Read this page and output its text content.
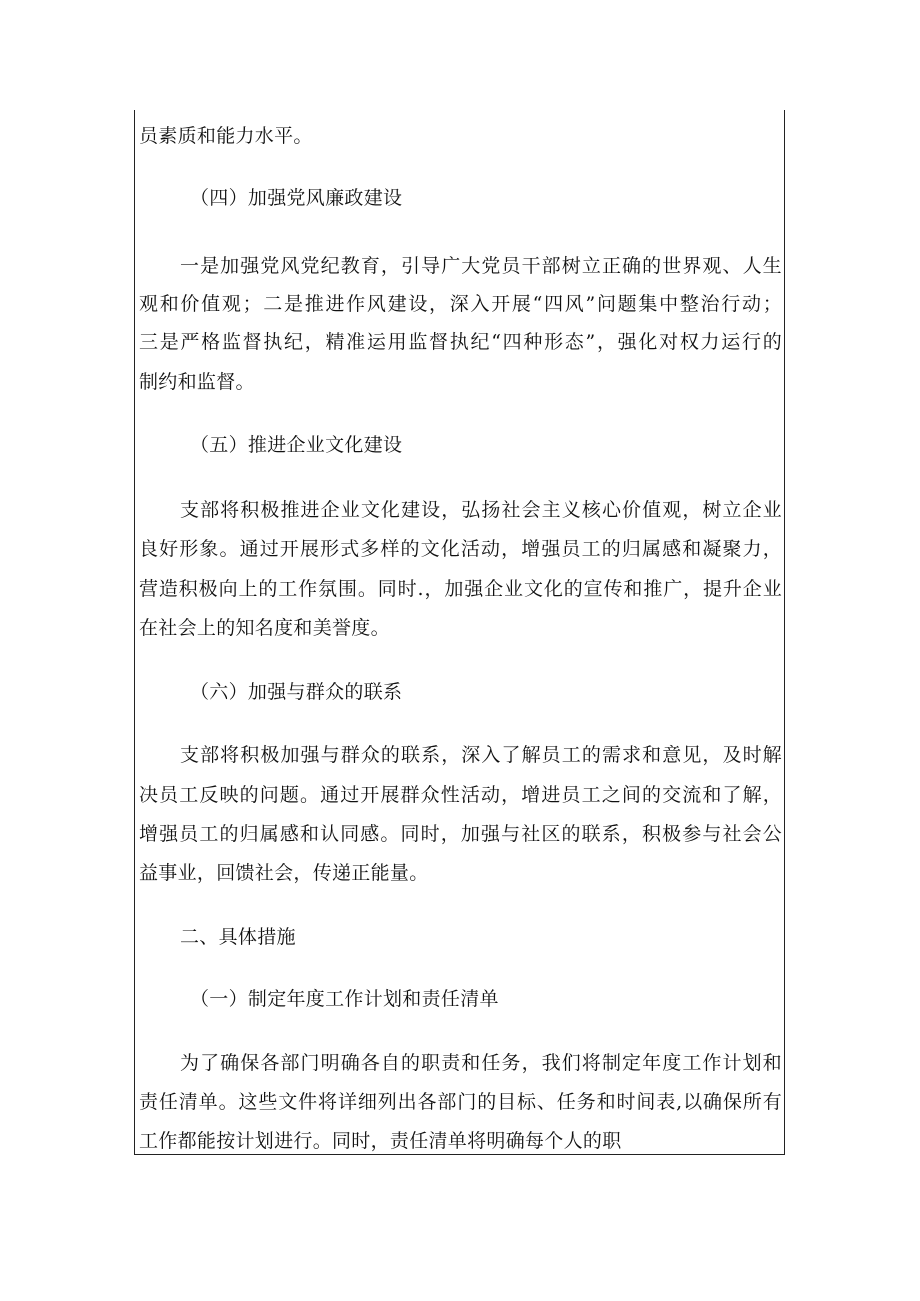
员素质和能力水平。
（四）加强党风廉政建设
一是加强党风党纪教育，引导广大党员干部树立正确的世界观、人生
观和价值观；二是推进作风建设，深入开展“四风”问题集中整治行动；
三是严格监督执纪，精准运用监督执纪“四种形态”，强化对权力运行的
制约和监督。
（五）推进企业文化建设
支部将积极推进企业文化建设，弘扬社会主义核心价值观，树立企业
良好形象。通过开展形式多样的文化活动，增强员工的归属感和凝聚力，
营造积极向上的工作氛围。同时.，加强企业文化的宣传和推广，提升企业
在社会上的知名度和美誉度。
（六）加强与群众的联系
支部将积极加强与群众的联系，深入了解员工的需求和意见，及时解
决员工反映的问题。通过开展群众性活动，增进员工之间的交流和了解，
增强员工的归属感和认同感。同时，加强与社区的联系，积极参与社会公
益事业，回馈社会，传递正能量。
二、具体措施
（一）制定年度工作计划和责任清单
为了确保各部门明确各自的职责和任务，我们将制定年度工作计划和
责任清单。这些文件将详细列出各部门的目标、任务和时间表,以确保所有
工作都能按计划进行。同时，责任清单将明确每个人的职
